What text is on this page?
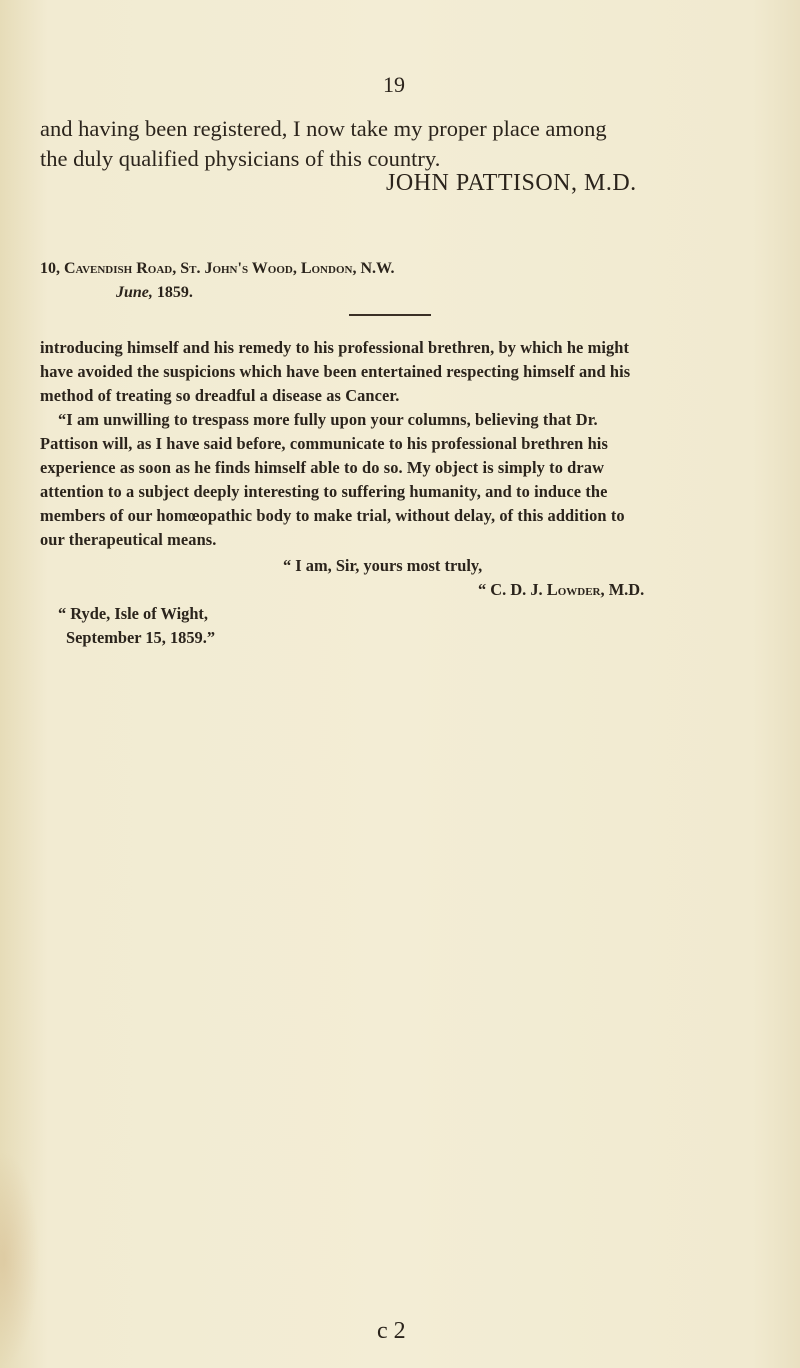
19
and having been registered, I now take my proper place among
the duly qualified physicians of this country.
JOHN PATTISON, M.D.
10, Cavendish Road, St. John's Wood, London, N.W.
June, 1859.
introducing himself and his remedy to his professional brethren, by which he might
have avoided the suspicions which have been entertained respecting himself and his
method of treating so dreadful a disease as Cancer.
“I am unwilling to trespass more fully upon your columns, believing that Dr.
Pattison will, as I have said before, communicate to his professional brethren his
experience as soon as he finds himself able to do so. My object is simply to draw
attention to a subject deeply interesting to suffering humanity, and to induce the
members of our homœopathic body to make trial, without delay, of this addition to
our therapeutical means.
“ I am, Sir, yours most truly,
“ C. D. J. Lowder, M.D.
“ Ryde, Isle of Wight,
September 15, 1859.”
c 2
